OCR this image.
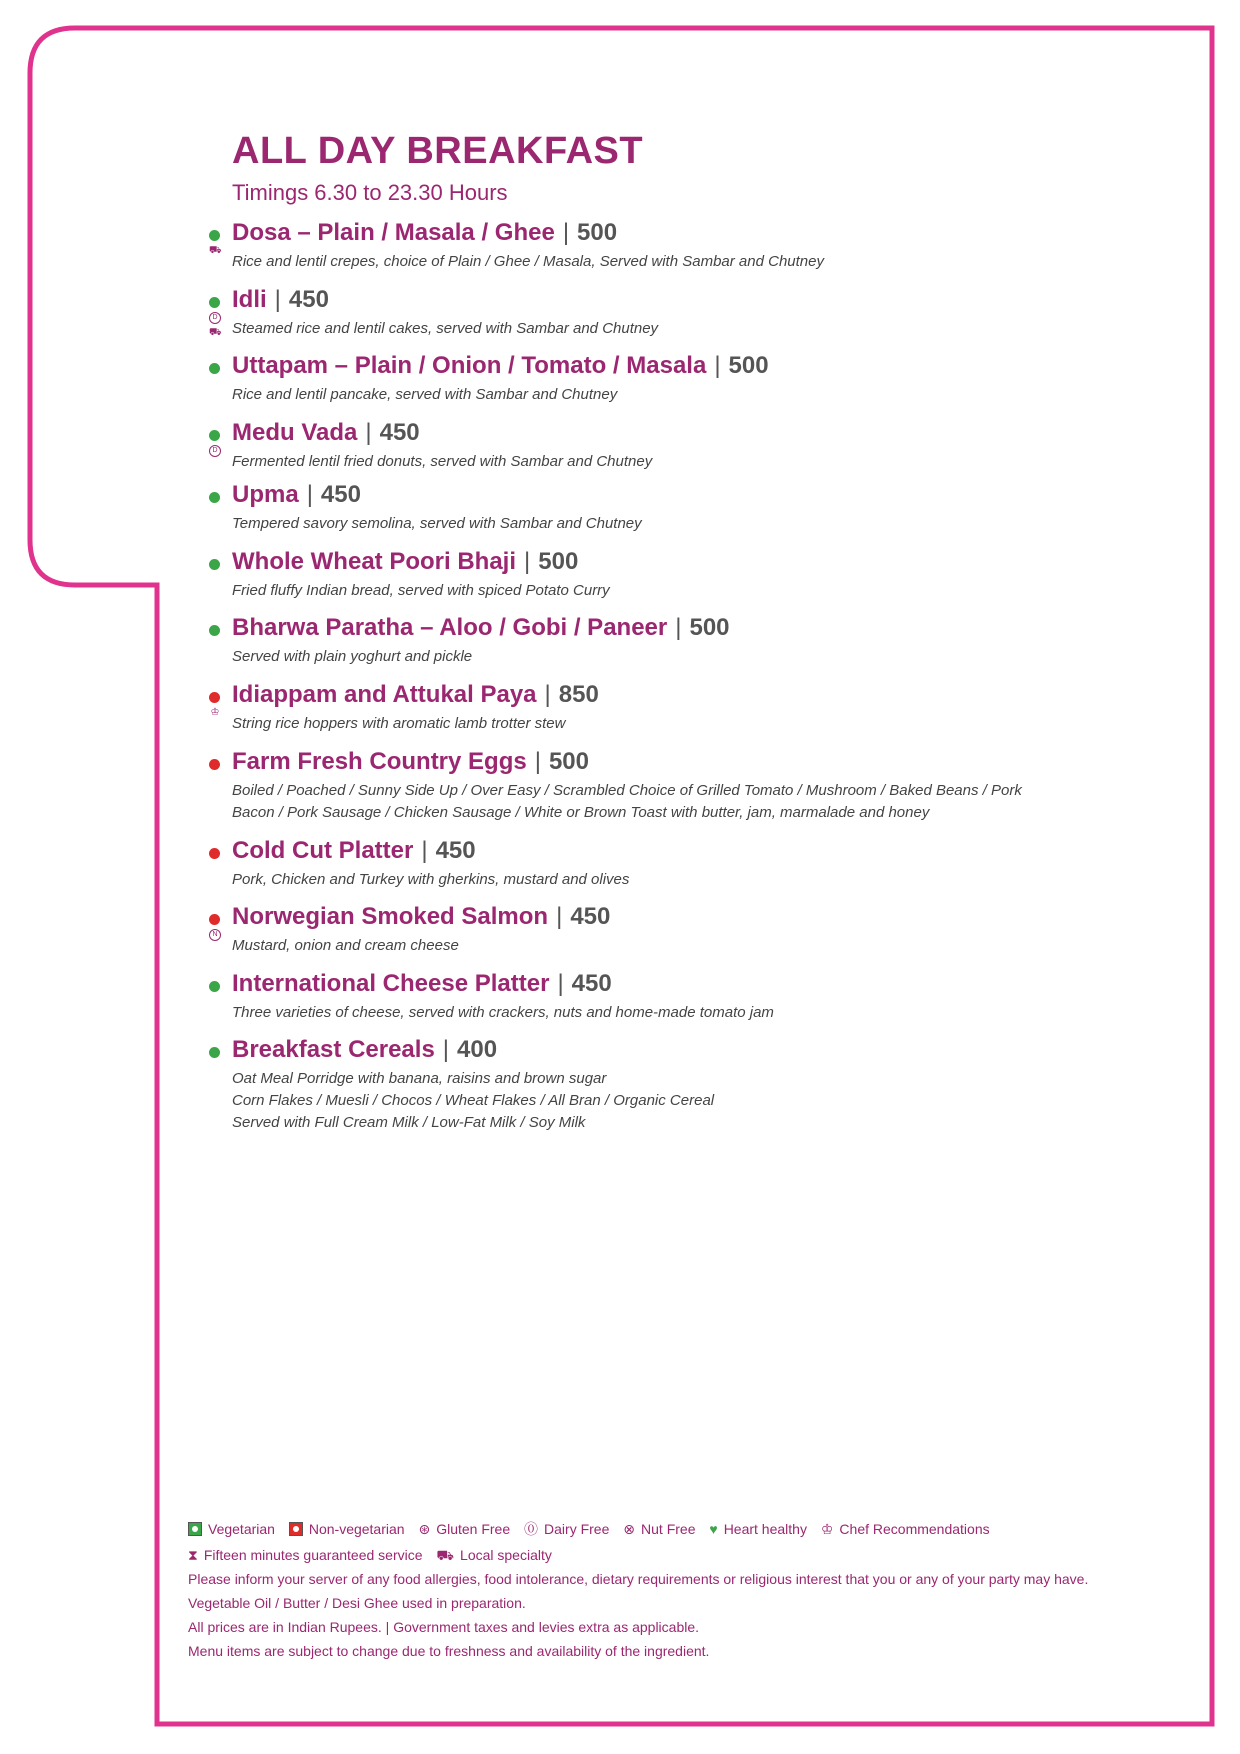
ALL DAY BREAKFAST
Timings 6.30 to 23.30 Hours
⛟
Dosa – Plain / Masala / Ghee | 500
Rice and lentil crepes, choice of Plain / Ghee / Masala, Served with Sambar and Chutney
D
⛟
Idli | 450
Steamed rice and lentil cakes, served with Sambar and Chutney
Uttapam – Plain / Onion / Tomato / Masala | 500
Rice and lentil pancake, served with Sambar and Chutney
D
Medu Vada | 450
Fermented lentil fried donuts, served with Sambar and Chutney
Upma | 450
Tempered savory semolina, served with Sambar and Chutney
Whole Wheat Poori Bhaji | 500
Fried fluffy Indian bread, served with spiced Potato Curry
Bharwa Paratha – Aloo / Gobi / Paneer | 500
Served with plain yoghurt and pickle
♔
Idiappam and Attukal Paya | 850
String rice hoppers with aromatic lamb trotter stew
Farm Fresh Country Eggs | 500
Boiled / Poached / Sunny Side Up / Over Easy / Scrambled Choice of Grilled Tomato / Mushroom / Baked Beans / Pork
Bacon / Pork Sausage / Chicken Sausage / White or Brown Toast with butter, jam, marmalade and honey
Cold Cut Platter | 450
Pork, Chicken and Turkey with gherkins, mustard and olives
N
Norwegian Smoked Salmon | 450
Mustard, onion and cream cheese
International Cheese Platter | 450
Three varieties of cheese, served with crackers, nuts and home-made tomato jam
Breakfast Cereals | 400
Oat Meal Porridge with banana, raisins and brown sugar
Corn Flakes / Muesli / Chocos / Wheat Flakes / All Bran / Organic Cereal
Served with Full Cream Milk / Low-Fat Milk / Soy Milk
Vegetarian Non-vegetarian ⊛ Gluten Free ⓪ Dairy Free ⊗ Nut Free ♥ Heart healthy ♔ Chef Recommendations
⧗ Fifteen minutes guaranteed service ⛟ Local specialty
Please inform your server of any food allergies, food intolerance, dietary requirements or religious interest that you or any of your party may have.
Vegetable Oil / Butter / Desi Ghee used in preparation.
All prices are in Indian Rupees. | Government taxes and levies extra as applicable.
Menu items are subject to change due to freshness and availability of the ingredient.
